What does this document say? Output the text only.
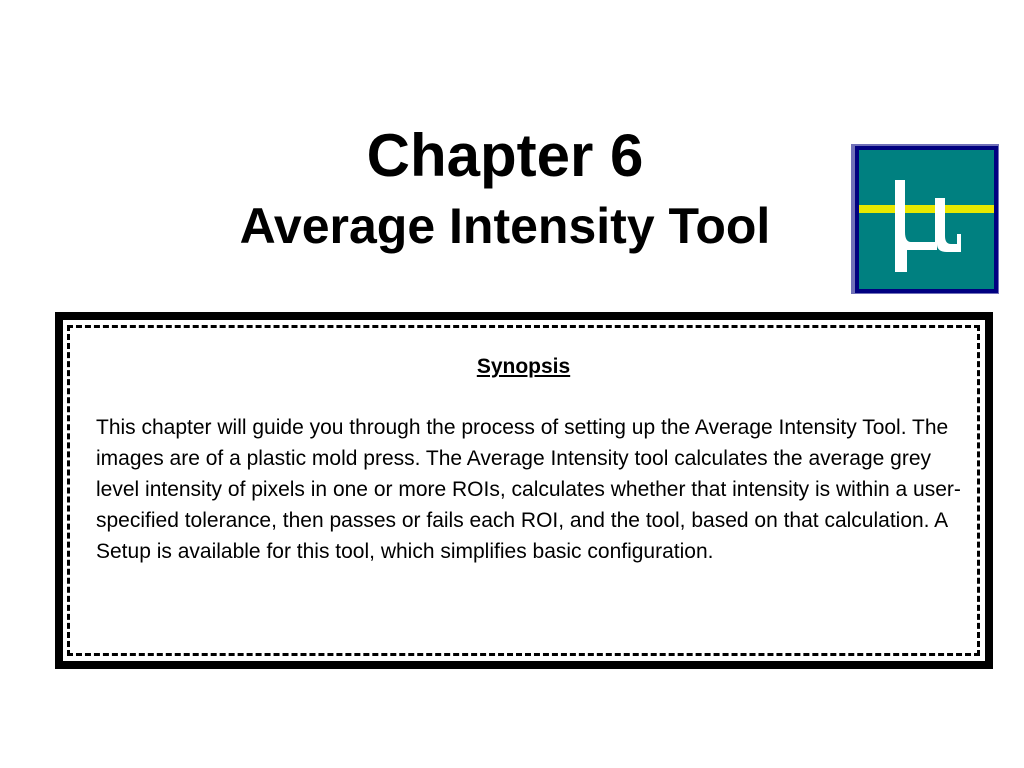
Chapter 6

Average Intensity Tool

Synopsis

This chapter will guide you through the process of setting up the Average Intensity Tool. The images are of a plastic mold press. The Average Intensity tool calculates the average grey level intensity of pixels in one or more ROIs, calculates whether that intensity is within a user-specified tolerance, then passes or fails each ROI, and the tool, based on that calculation. A Setup is available for this tool, which simplifies basic configuration.
